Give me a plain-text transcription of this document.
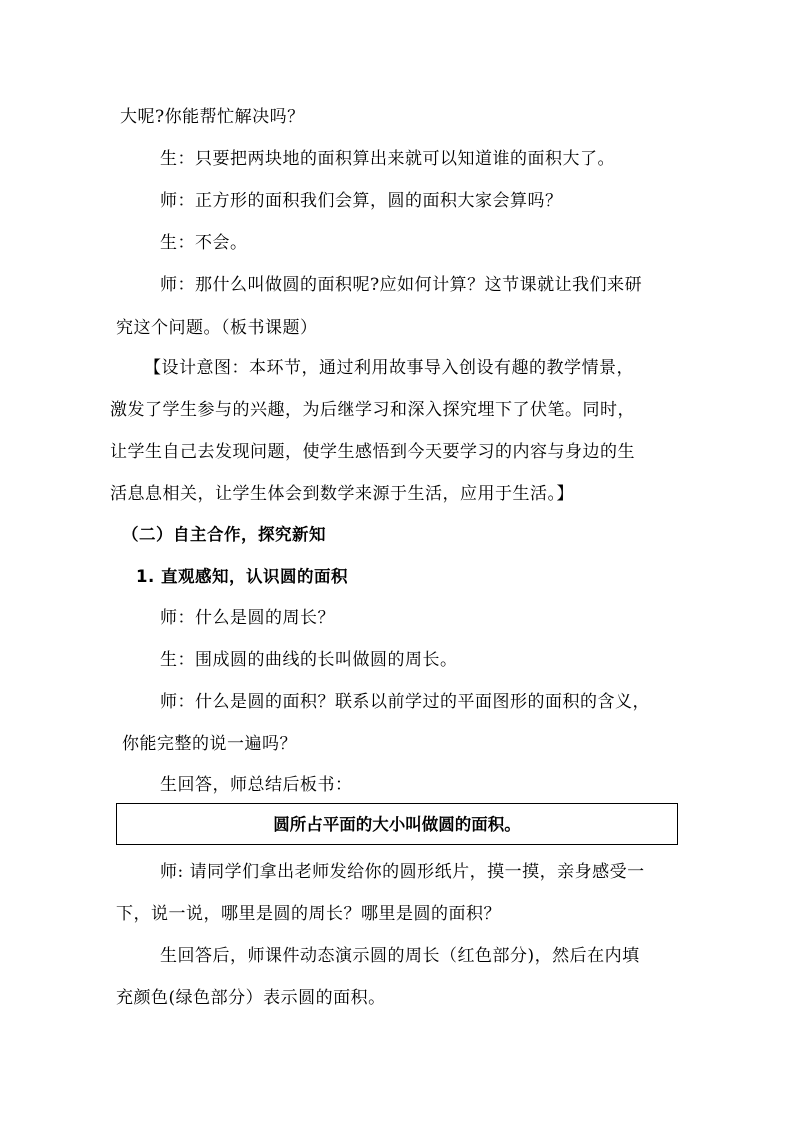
大呢?你能帮忙解决吗？
生：只要把两块地的面积算出来就可以知道谁的面积大了。
师：正方形的面积我们会算，圆的面积大家会算吗？
生：不会。
师：那什么叫做圆的面积呢?应如何计算？这节课就让我们来研
究这个问题。（板书课题）
【设计意图：本环节，通过利用故事导入创设有趣的教学情景，
激发了学生参与的兴趣，为后继学习和深入探究埋下了伏笔。同时，
让学生自己去发现问题，使学生感悟到今天要学习的内容与身边的生
活息息相关，让学生体会到数学来源于生活，应用于生活。】
（二）自主合作，探究新知
1. 直观感知，认识圆的面积
师：什么是圆的周长？
生：围成圆的曲线的长叫做圆的周长。
师：什么是圆的面积？联系以前学过的平面图形的面积的含义，
你能完整的说一遍吗？
生回答，师总结后板书：
圆所占平面的大小叫做圆的面积。
师: 请同学们拿出老师发给你的圆形纸片，摸一摸，亲身感受一
下，说一说，哪里是圆的周长？哪里是圆的面积？
生回答后，师课件动态演示圆的周长（红色部分)，然后在内填
充颜色(绿色部分）表示圆的面积。
